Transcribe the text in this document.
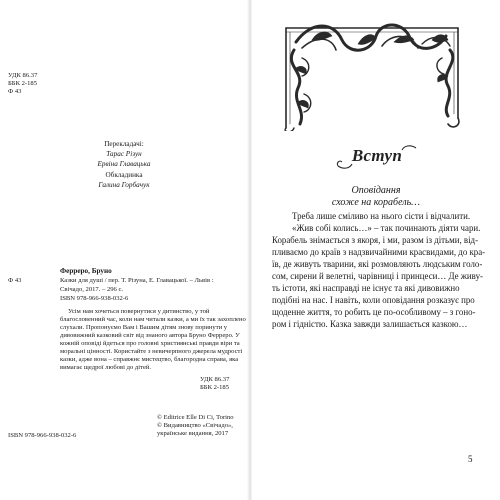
УДК 86.37
ББК 2-185
Ф 43
Перекладачі:
Тарас Різун
Ервіна Главацька
Обкладинка
Галина Горбачук
Ферреро, Бруно
Ф 43	Казки для душі / пер. Т. Різуна, Е. Главацької. – Львів :
Свічадо, 2017. – 296 с.
ISBN 978-966-938-032-6
Усім нам хочеться повернутися у дитинство, у той
благословенний час, коли нам читали казки, а ми їх так захоплено
слухали. Пропонуємо Вам і Вашим дітям знову поринути у
дивовижний казковий світ від знаного автора Бруно Ферреро. У
кожній оповіді йдеться про головні християнські правди віри та
моральні цінності. Користайте з невичерпного джерела мудрості
казки, адже вона – справжнє мистецтво, благородна справа, яка
вимагає щедрої любові до дітей.
УДК 86.37
ББК 2-185
ISBN 978-966-938-032-6
© Editrice Elle Di Ci, Torino
© Видавництво «Свічадо»,
українське видання, 2017
Вступ
Оповідання
схоже на корабель…
Треба лише сміливо на нього сісти і відчалити.
«Жив собі колись…» – так починають діяти чари.
Корабель знімається з якоря, і ми, разом із дітьми, від-
пливаємо до країв з надзвичайними красвидами, до кра-
їв, де живуть тварини, які розмовляють людським голо-
сом, сирени й велетні, чарівниці і принцеси… Де живу-
ть істоти, які насправді не існує та які дивовижно
подібні на нас. І навіть, коли оповідання розказує про
щоденне життя, то робить це по-особливому – з гоно-
ром і гідністю. Казка завжди залишається казкою…
5
